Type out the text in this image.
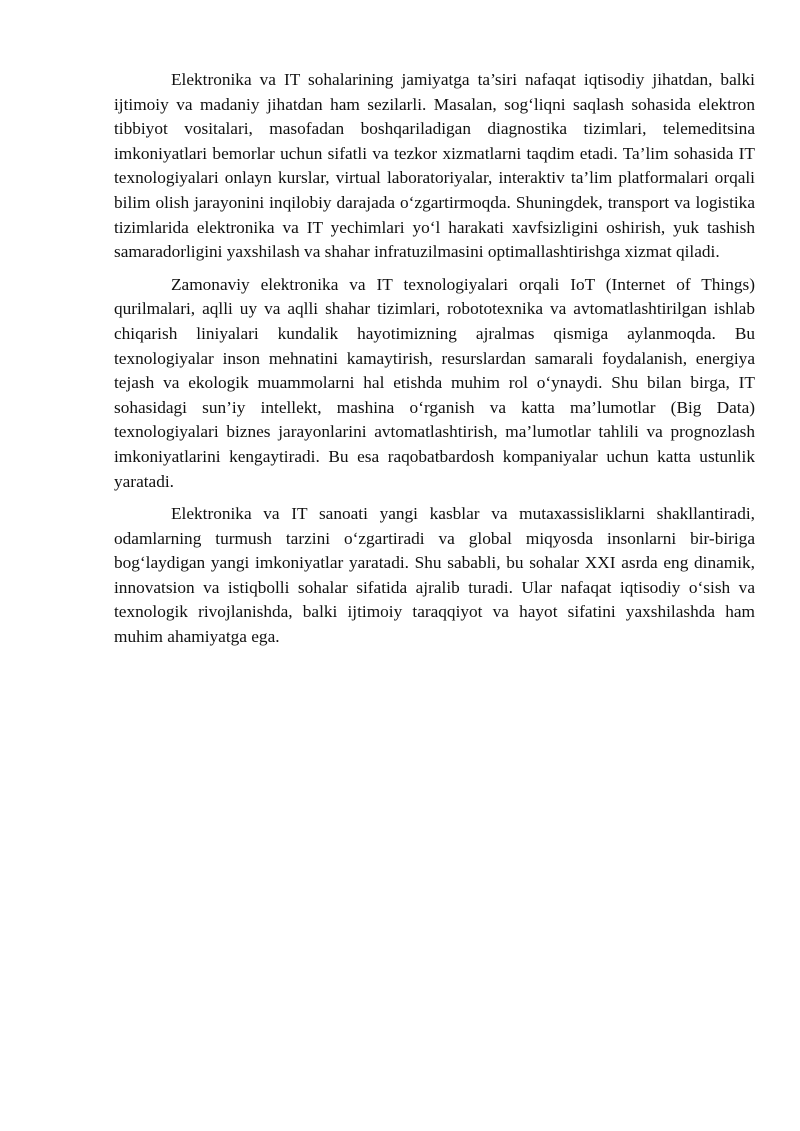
Elektronika va IT sohalarining jamiyatga ta’siri nafaqat iqtisodiy jihatdan, balki ijtimoiy va madaniy jihatdan ham sezilarli. Masalan, sog‘liqni saqlash sohasida elektron tibbiyot vositalari, masofadan boshqariladigan diagnostika tizimlari, telemeditsina imkoniyatlari bemorlar uchun sifatli va tezkor xizmatlarni taqdim etadi. Ta’lim sohasida IT texnologiyalari onlayn kurslar, virtual laboratoriyalar, interaktiv ta’lim platformalari orqali bilim olish jarayonini inqilobiy darajada o‘zgartirmoqda. Shuningdek, transport va logistika tizimlarida elektronika va IT yechimlari yo‘l harakati xavfsizligini oshirish, yuk tashish samaradorligini yaxshilash va shahar infratuzilmasini optimallashtirishga xizmat qiladi.

Zamonaviy elektronika va IT texnologiyalari orqali IoT (Internet of Things) qurilmalari, aqlli uy va aqlli shahar tizimlari, robototexnika va avtomatlashtirilgan ishlab chiqarish liniyalari kundalik hayotimizning ajralmas qismiga aylanmoqda. Bu texnologiyalar inson mehnatini kamaytirish, resurslardan samarali foydalanish, energiya tejash va ekologik muammolarni hal etishda muhim rol o‘ynaydi. Shu bilan birga, IT sohasidagi sun’iy intellekt, mashina o‘rganish va katta ma’lumotlar (Big Data) texnologiyalari biznes jarayonlarini avtomatlashtirish, ma’lumotlar tahlili va prognozlash imkoniyatlarini kengaytiradi. Bu esa raqobatbardosh kompaniyalar uchun katta ustunlik yaratadi.

Elektronika va IT sanoati yangi kasblar va mutaxassisliklarni shakllantiradi, odamlarning turmush tarzini o‘zgartiradi va global miqyosda insonlarni bir-biriga bog‘laydigan yangi imkoniyatlar yaratadi. Shu sababli, bu sohalar XXI asrda eng dinamik, innovatsion va istiqbolli sohalar sifatida ajralib turadi. Ular nafaqat iqtisodiy o‘sish va texnologik rivojlanishda, balki ijtimoiy taraqqiyot va hayot sifatini yaxshilashda ham muhim ahamiyatga ega.
